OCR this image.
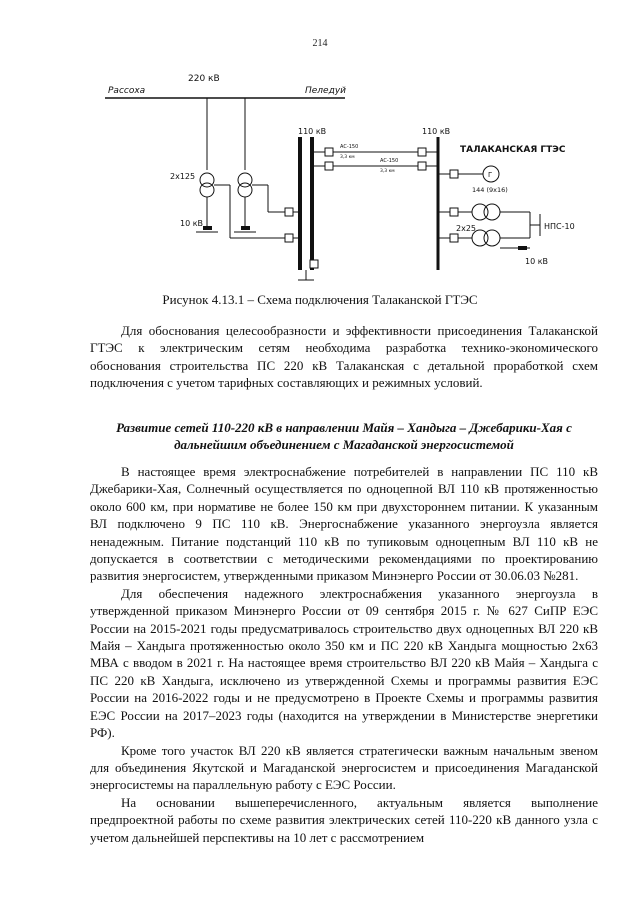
214
220 кВ
Рассоха	Пеледуй
110 кВ	110 кВ
АС-150
3,3 км
АС-150
3,3 км
ТАЛАКАНСКАЯ ГТЭС
Г
144 (9х16)
НПС-10
2х125
10 кВ
2х25
10 кВ
Рисунок 4.13.1 – Схема подключения Талаканской ГТЭС

Для обоснования целесообразности и эффективности присоединения Талаканской ГТЭС к электрическим сетям необходима разработка технико-экономического обоснования строительства ПС 220 кВ Талаканская с детальной проработкой схем подключения с учетом тарифных составляющих и режимных условий.

Развитие сетей 110-220 кВ в направлении Майя – Хандыга – Джебарики-Хая с дальнейшим объединением с Магаданской энергосистемой

В настоящее время электроснабжение потребителей в направлении ПС 110 кВ Джебарики-Хая, Солнечный осуществляется по одноцепной ВЛ 110 кВ протяженностью около 600 км, при нормативе не более 150 км при двухстороннем питании. К указанным ВЛ подключено 9 ПС 110 кВ. Энергоснабжение указанного энергоузла является ненадежным. Питание подстанций 110 кВ по тупиковым одноцепным ВЛ 110 кВ не допускается в соответствии с методическими рекомендациями по проектированию развития энергосистем, утвержденными приказом Минэнерго России от 30.06.03 №281.

Для обеспечения надежного электроснабжения указанного энергоузла в утвержденной приказом Минэнерго России от 09 сентября 2015 г. № 627 СиПР ЕЭС России на 2015-2021 годы предусматривалось строительство двух одноцепных ВЛ 220 кВ Майя – Хандыга протяженностью около 350 км и ПС 220 кВ Хандыга мощностью 2x63 МВА с вводом в 2021 г. На настоящее время строительство ВЛ 220 кВ Майя – Хандыга с ПС 220 кВ Хандыга, исключено из утвержденной Схемы и программы развития ЕЭС России на 2016-2022 годы и не предусмотрено в Проекте Схемы и программы развития ЕЭС России на 2017–2023 годы (находится на утверждении в Министерстве энергетики РФ).

Кроме того участок ВЛ 220 кВ является стратегически важным начальным звеном для объединения Якутской и Магаданской энергосистем и присоединения Магаданской энергосистемы на параллельную работу с ЕЭС России.

На основании вышеперечисленного, актуальным является выполнение предпроектной работы по схеме развития электрических сетей 110-220 кВ данного узла с учетом дальнейшей перспективы на 10 лет с рассмотрением
